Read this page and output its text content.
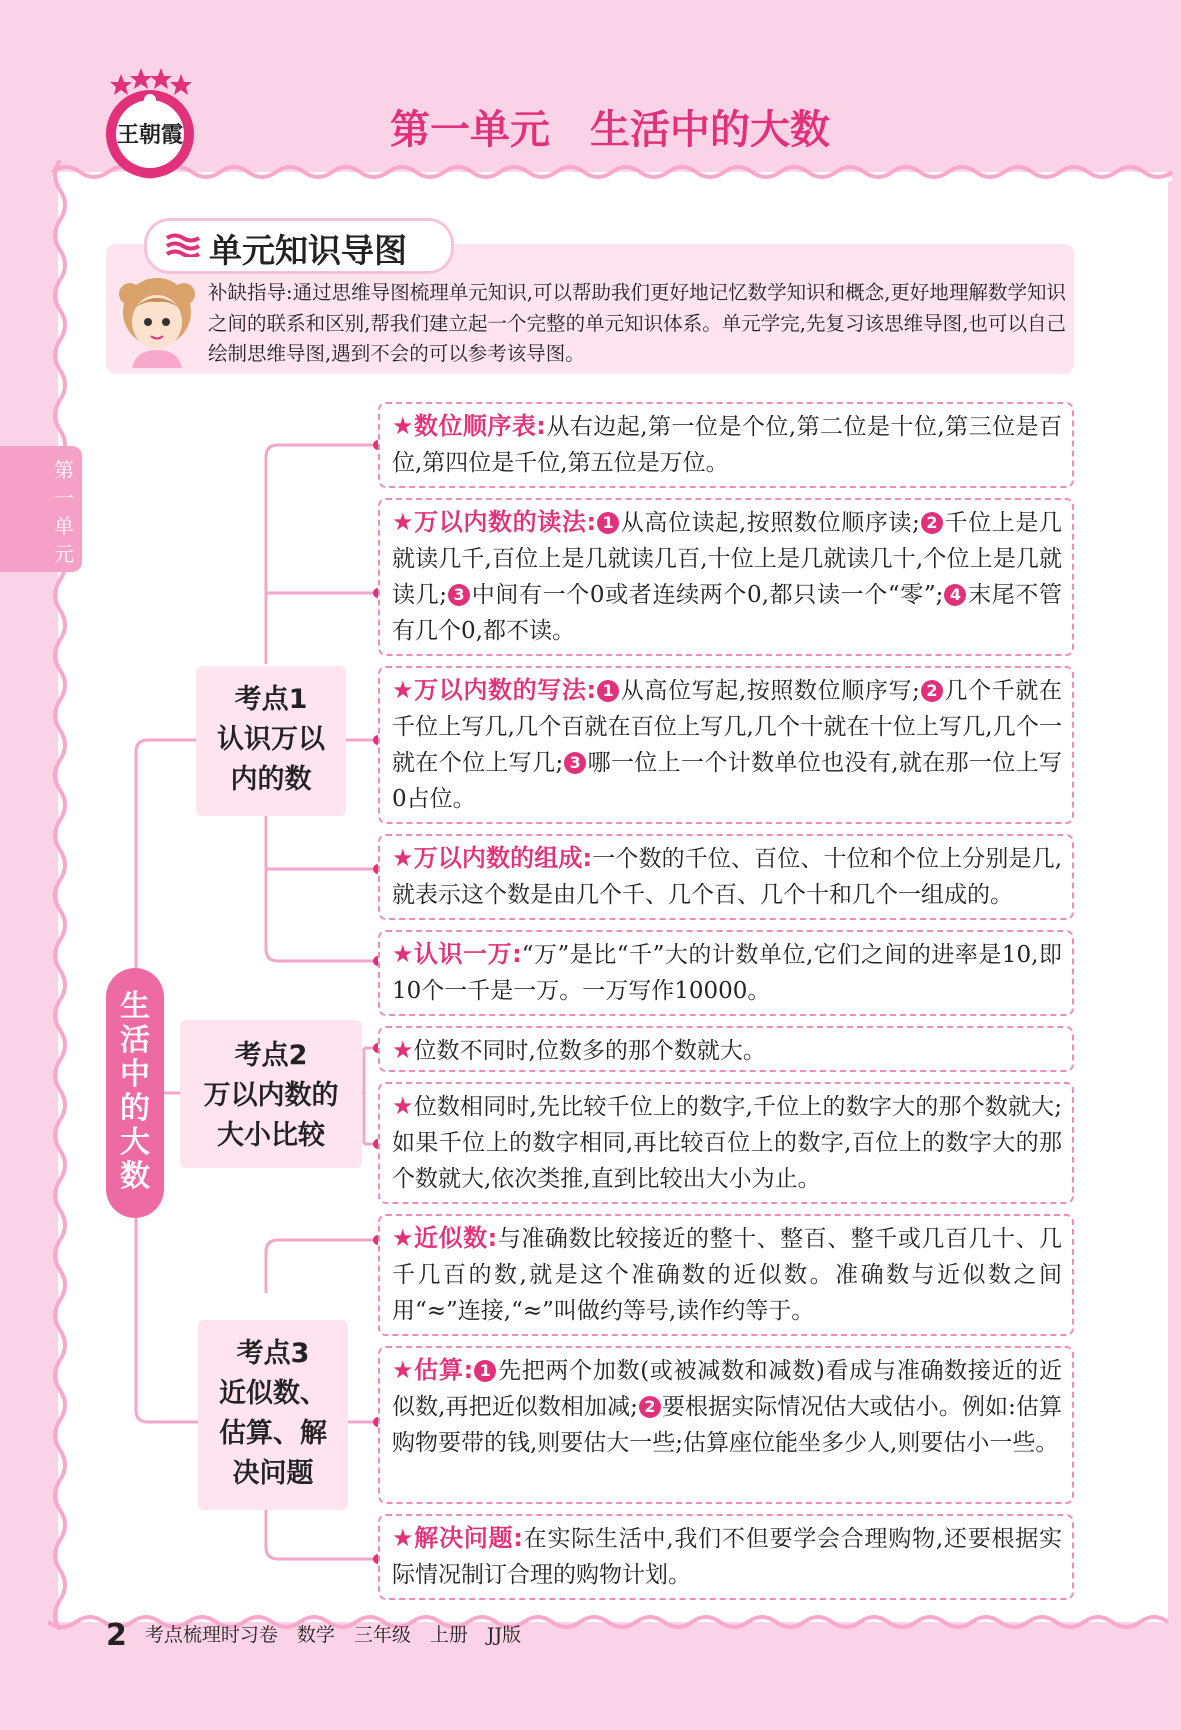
王朝霞	第一单元　生活中的大数
第
一
单
元
单元知识导图
补缺指导:通过思维导图梳理单元知识,可以帮助我们更好地记忆数学知识和概念,更好地理解数学知识之间的联系和区别,帮我们建立起一个完整的单元知识体系。单元学完,先复习该思维导图,也可以自己绘制思维导图,遇到不会的可以参考该导图。
生
活
中
的
大
数
考点1
认识万以
内的数
考点2
万以内数的
大小比较
考点3
近似数、
估算、解
决问题
★数位顺序表:从右边起,第一位是个位,第二位是十位,第三位是百位,第四位是千位,第五位是万位。
★万以内数的读法: 1 从高位读起,按照数位顺序读; 2 千位上是几就读几千,百位上是几就读几百,十位上是几就读几十,个位上是几就读几; 3 中间有一个0或者连续两个0,都只读一个“零”; 4 末尾不管有几个0,都不读。
★万以内数的写法: 1 从高位写起,按照数位顺序写; 2 几个千就在千位上写几,几个百就在百位上写几,几个十就在十位上写几,几个一就在个位上写几; 3 哪一位上一个计数单位也没有,就在那一位上写0占位。
★万以内数的组成:一个数的千位、百位、十位和个位上分别是几,就表示这个数是由几个千、几个百、几个十和几个一组成的。
★认识一万:“万”是比“千”大的计数单位,它们之间的进率是10,即10个一千是一万。一万写作10000。
★位数不同时,位数多的那个数就大。
★位数相同时,先比较千位上的数字,千位上的数字大的那个数就大;如果千位上的数字相同,再比较百位上的数字,百位上的数字大的那个数就大,依次类推,直到比较出大小为止。
★近似数:与准确数比较接近的整十、整百、整千或几百几十、几千几百的数,就是这个准确数的近似数。准确数与近似数之间用“≈”连接,“≈”叫做约等号,读作约等于。
★估算: 1 先把两个加数(或被减数和减数)看成与准确数接近的近似数,再把近似数相加减; 2 要根据实际情况估大或估小。例如:估算购物要带的钱,则要估大一些;估算座位能坐多少人,则要估小一些。
★解决问题:在实际生活中,我们不但要学会合理购物,还要根据实际情况制订合理的购物计划。
2 考点梳理时习卷　数学　三年级　上册　JJ版
